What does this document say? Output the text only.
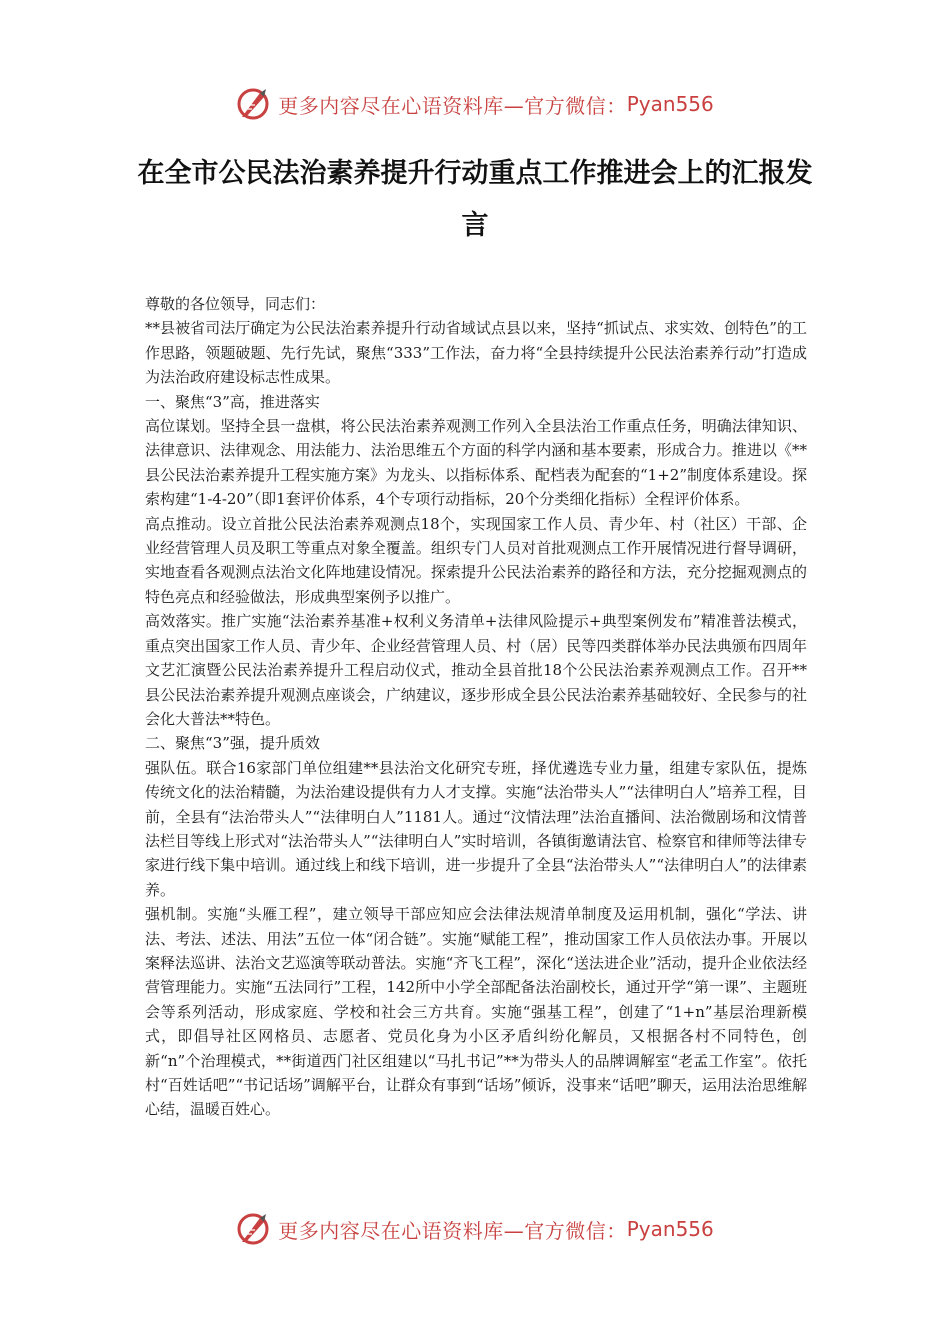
更多内容尽在心语资料库—官方微信： Pyan556
在全市公民法治素养提升行动重点工作推进会上的汇报发言

尊敬的各位领导，同志们：

**县被省司法厅确定为公民法治素养提升行动省域试点县以来，坚持“抓试点、求实效、创特色”的工作思路，领题破题、先行先试，聚焦“333”工作法，奋力将“全县持续提升公民法治素养行动”打造成为法治政府建设标志性成果。

一、聚焦“3”高，推进落实

高位谋划。坚持全县一盘棋，将公民法治素养观测工作列入全县法治工作重点任务，明确法律知识、法律意识、法律观念、用法能力、法治思维五个方面的科学内涵和基本要素，形成合力。推进以《**县公民法治素养提升工程实施方案》为龙头、以指标体系、配档表为配套的“1+2”制度体系建设。探索构建“1-4-20”（即1套评价体系，4个专项行动指标，20个分类细化指标）全程评价体系。

高点推动。设立首批公民法治素养观测点18个，实现国家工作人员、青少年、村（社区）干部、企业经营管理人员及职工等重点对象全覆盖。组织专门人员对首批观测点工作开展情况进行督导调研，实地查看各观测点法治文化阵地建设情况。探索提升公民法治素养的路径和方法，充分挖掘观测点的特色亮点和经验做法，形成典型案例予以推广。

高效落实。推广实施“法治素养基准+权利义务清单+法律风险提示+典型案例发布”精准普法模式，重点突出国家工作人员、青少年、企业经营管理人员、村（居）民等四类群体举办民法典颁布四周年文艺汇演暨公民法治素养提升工程启动仪式，推动全县首批18个公民法治素养观测点工作。召开**县公民法治素养提升观测点座谈会，广纳建议，逐步形成全县公民法治素养基础较好、全民参与的社会化大普法**特色。

二、聚焦“3”强，提升质效

强队伍。联合16家部门单位组建**县法治文化研究专班，择优遴选专业力量，组建专家队伍，提炼传统文化的法治精髓，为法治建设提供有力人才支撑。实施“法治带头人”“法律明白人”培养工程，目前，全县有“法治带头人”“法律明白人”1181人。通过“汶情法理”法治直播间、法治微剧场和汶情普法栏目等线上形式对“法治带头人”“法律明白人”实时培训，各镇街邀请法官、检察官和律师等法律专家进行线下集中培训。通过线上和线下培训，进一步提升了全县“法治带头人”“法律明白人”的法律素养。

强机制。实施“头雁工程”，建立领导干部应知应会法律法规清单制度及运用机制，强化“学法、讲法、考法、述法、用法”五位一体“闭合链”。实施“赋能工程”，推动国家工作人员依法办事。开展以案释法巡讲、法治文艺巡演等联动普法。实施“齐飞工程”，深化“送法进企业”活动，提升企业依法经营管理能力。实施“五法同行”工程，142所中小学全部配备法治副校长，通过开学“第一课”、主题班会等系列活动，形成家庭、学校和社会三方共育。实施“强基工程”，创建了“1+n”基层治理新模式，即倡导社区网格员、志愿者、党员化身为小区矛盾纠纷化解员，又根据各村不同特色，创新“n”个治理模式，**街道西门社区组建以“马扎书记”**为带头人的品牌调解室“老孟工作室”。依托村“百姓话吧”“书记话场”调解平台，让群众有事到“话场”倾诉，没事来“话吧”聊天，运用法治思维解心结，温暖百姓心。

更多内容尽在心语资料库—官方微信： Pyan556
